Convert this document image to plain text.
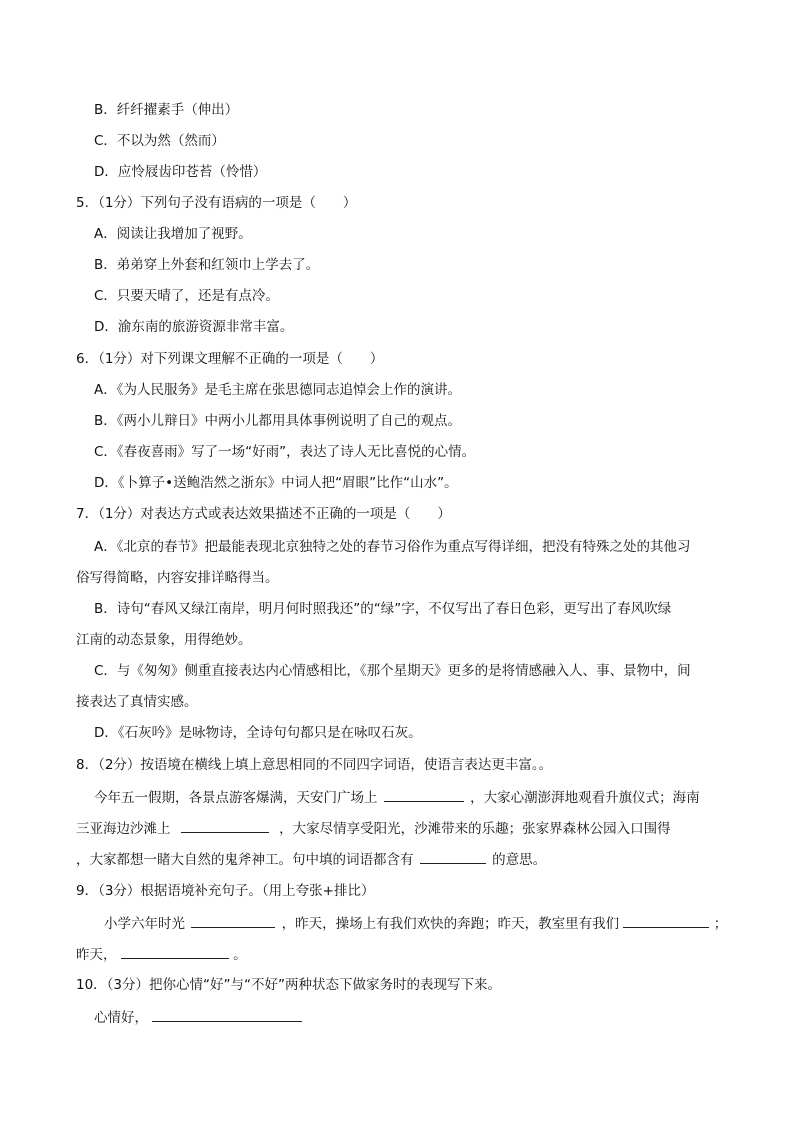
B．纤纤擢素手（伸出）
C．不以为然（然而）
D．应怜屐齿印苍苔（怜惜）
5．（1分）下列句子没有语病的一项是（　　）
A．阅读让我增加了视野。
B．弟弟穿上外套和红领巾上学去了。
C．只要天晴了，还是有点冷。
D．渝东南的旅游资源非常丰富。
6．（1分）对下列课文理解不正确的一项是（　　）
A．《为人民服务》是毛主席在张思德同志追悼会上作的演讲。
B．《两小儿辩日》中两小儿都用具体事例说明了自己的观点。
C．《春夜喜雨》写了一场“好雨”，表达了诗人无比喜悦的心情。
D．《卜算子•送鲍浩然之浙东》中词人把“眉眼”比作“山水”。
7．（1分）对表达方式或表达效果描述不正确的一项是（　　）
A．《北京的春节》把最能表现北京独特之处的春节习俗作为重点写得详细，把没有特殊之处的其他习
俗写得简略，内容安排详略得当。
B．诗句“春风又绿江南岸，明月何时照我还”的“绿”字，不仅写出了春日色彩，更写出了春风吹绿
江南的动态景象，用得绝妙。
C．与《匆匆》侧重直接表达内心情感相比，《那个星期天》更多的是将情感融入人、事、景物中，间
接表达了真情实感。
D．《石灰吟》是咏物诗，全诗句句都只是在咏叹石灰。
8．（2分）按语境在横线上填上意思相同的不同四字词语，使语言表达更丰富。。
今年五一假期，各景点游客爆满，天安门广场上	，大家心潮澎湃地观看升旗仪式；海南
三亚海边沙滩上	，大家尽情享受阳光，沙滩带来的乐趣；张家界森林公园入口围得
，大家都想一睹大自然的鬼斧神工。句中填的词语都含有	的意思。
9．（3分）根据语境补充句子。（用上夸张+排比）
小学六年时光	，昨天，操场上有我们欢快的奔跑；昨天，教室里有我们	；
昨天，	。
10．（3分）把你心情“好”与“不好”两种状态下做家务时的表现写下来。
心情好，
